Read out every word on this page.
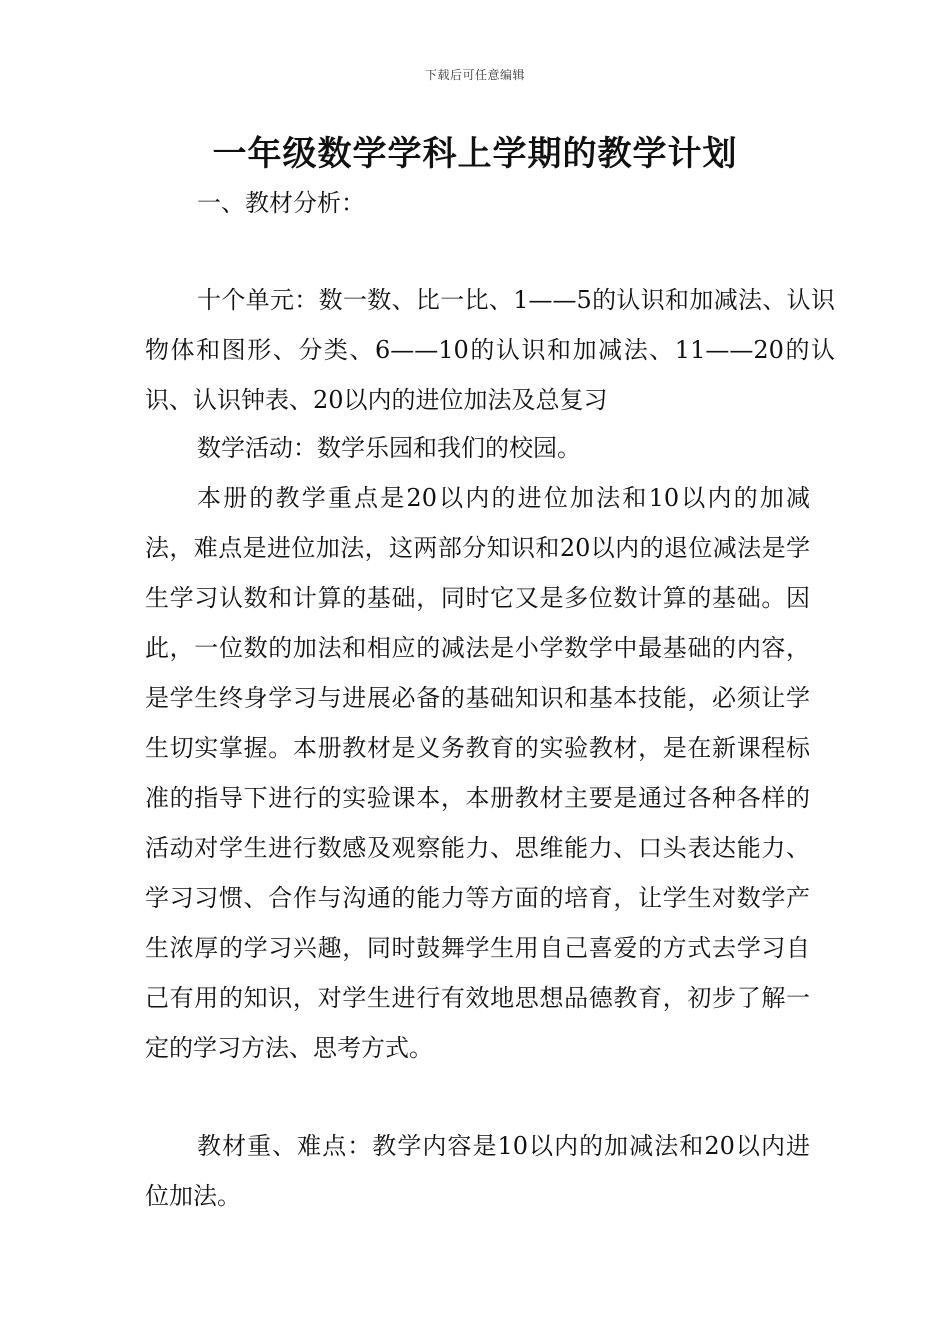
下载后可任意编辑
一年级数学学科上学期的教学计划

一、教材分析：

十个单元：数一数、比一比、1——5的认识和加减法、认识物体和图形、分类、6——10的认识和加减法、11——20的认识、认识钟表、20以内的进位加法及总复习

数学活动：数学乐园和我们的校园。

本册的教学重点是20以内的进位加法和10以内的加减法，难点是进位加法，这两部分知识和20以内的退位减法是学生学习认数和计算的基础，同时它又是多位数计算的基础。因此，一位数的加法和相应的减法是小学数学中最基础的内容，是学生终身学习与进展必备的基础知识和基本技能，必须让学生切实掌握。本册教材是义务教育的实验教材，是在新课程标准的指导下进行的实验课本，本册教材主要是通过各种各样的活动对学生进行数感及观察能力、思维能力、口头表达能力、学习习惯、合作与沟通的能力等方面的培育，让学生对数学产生浓厚的学习兴趣，同时鼓舞学生用自己喜爱的方式去学习自己有用的知识，对学生进行有效地思想品德教育，初步了解一定的学习方法、思考方式。

教材重、难点：教学内容是10以内的加减法和20以内进位加法。
